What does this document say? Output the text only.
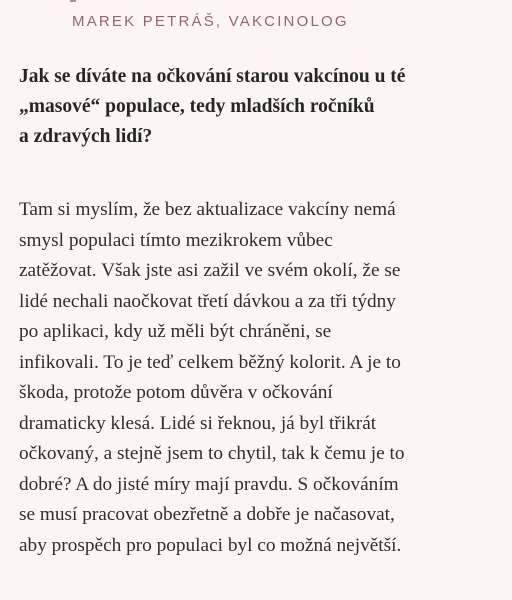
MAREK PETRÁŠ, VAKCINOLOG
Jak se díváte na očkování starou vakcínou u té
„masové“ populace, tedy mladších ročníků
a zdravých lidí?

Tam si myslím, že bez aktualizace vakcíny nemá
smysl populaci tímto mezikrokem vůbec
zatěžovat. Však jste asi zažil ve svém okolí, že se
lidé nechali naočkovat třetí dávkou a za tři týdny
po aplikaci, kdy už měli být chráněni, se
infikovali. To je teď celkem běžný kolorit. A je to
škoda, protože potom důvěra v očkování
dramaticky klesá. Lidé si řeknou, já byl třikrát
očkovaný, a stejně jsem to chytil, tak k čemu je to
dobré? A do jisté míry mají pravdu. S očkováním
se musí pracovat obezřetně a dobře je načasovat,
aby prospěch pro populaci byl co možná největší.
